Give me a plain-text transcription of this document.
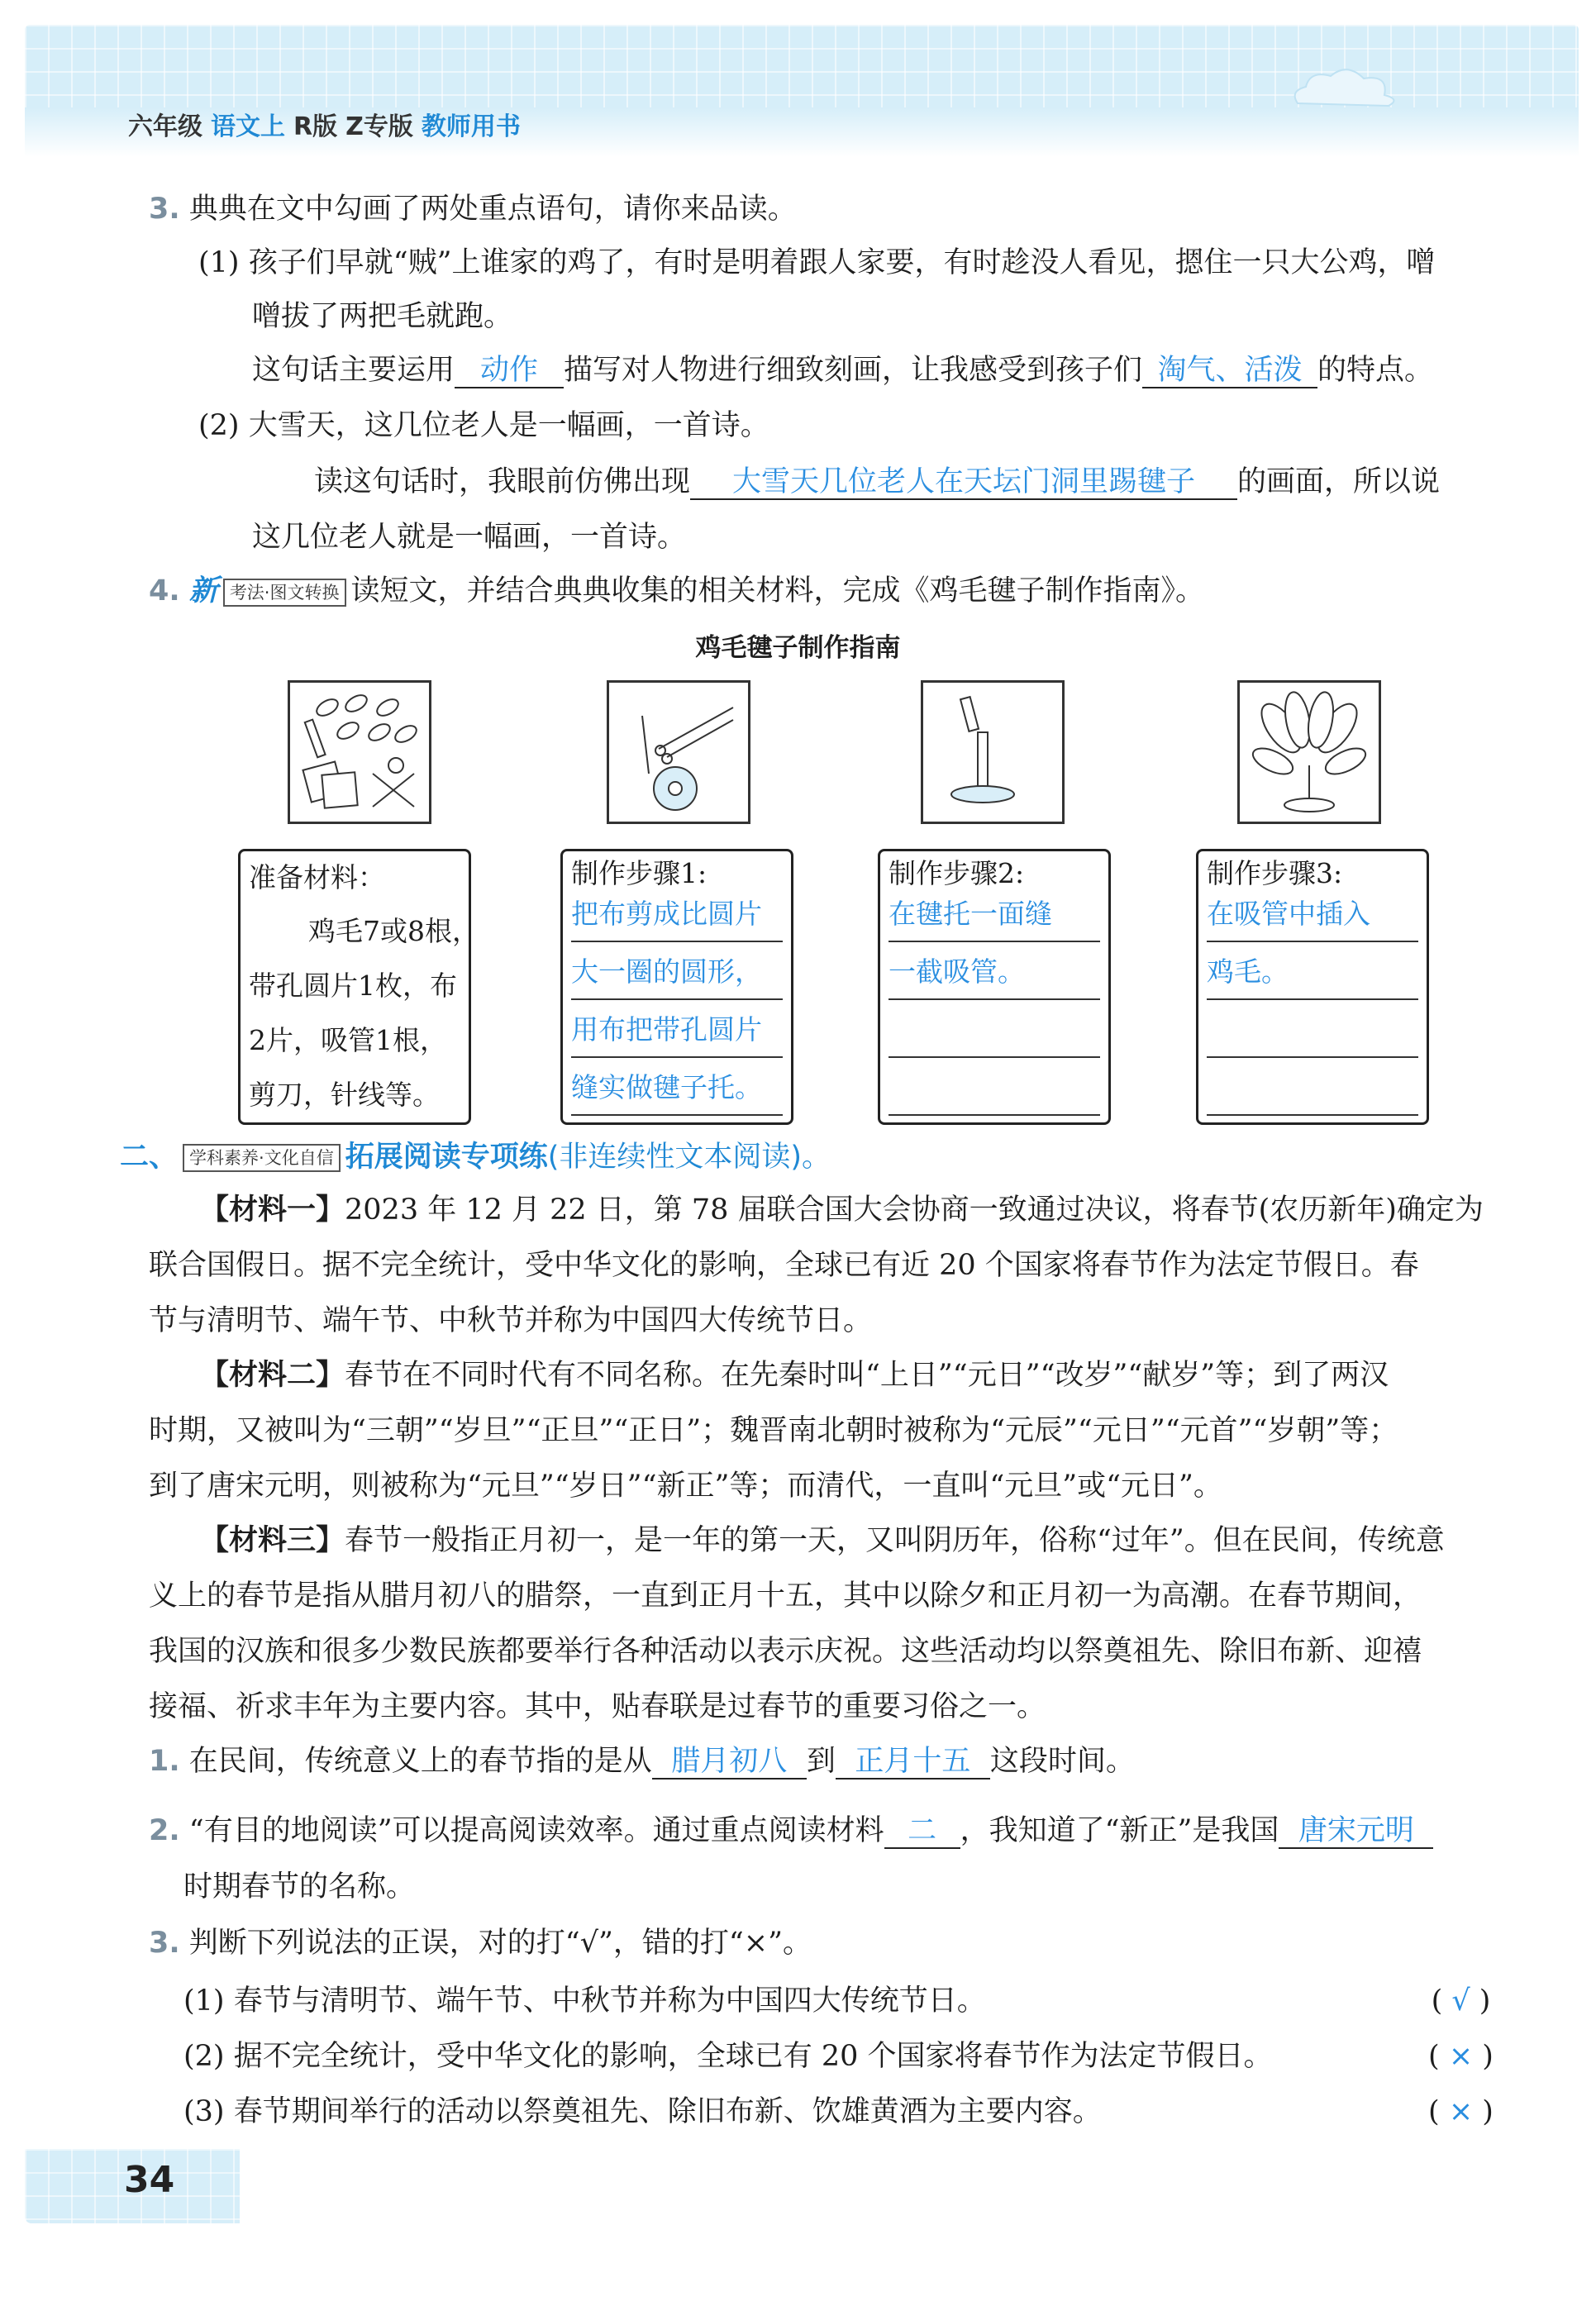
六年级 语文上 R版 Z专版 教师用书
3. 典典在文中勾画了两处重点语句，请你来品读。
(1) 孩子们早就“贼”上谁家的鸡了，有时是明着跟人家要，有时趁没人看见，摁住一只大公鸡，噌
噌拔了两把毛就跑。
这句话主要运用 动作 描写对人物进行细致刻画，让我感受到孩子们 淘气、活泼 的特点。
(2) 大雪天，这几位老人是一幅画，一首诗。
读这句话时，我眼前仿佛出现 大雪天几位老人在天坛门洞里踢毽子 的画面，所以说
这几位老人就是一幅画，一首诗。
4. 新 考法·图文转换 读短文，并结合典典收集的相关材料，完成《鸡毛毽子制作指南》。
鸡毛毽子制作指南
准备材料：
鸡毛7或8根，
带孔圆片1枚，布
2片，吸管1根，
剪刀，针线等。
制作步骤1:
把布剪成比圆片
大一圈的圆形，
用布把带孔圆片
缝实做毽子托。
制作步骤2:
在毽托一面缝
一截吸管。
制作步骤3:
在吸管中插入
鸡毛。
二、 学科素养·文化自信 拓展阅读专项练(非连续性文本阅读)。
【材料一】2023 年 12 月 22 日，第 78 届联合国大会协商一致通过决议，将春节(农历新年)确定为
联合国假日。据不完全统计，受中华文化的影响，全球已有近 20 个国家将春节作为法定节假日。春
节与清明节、端午节、中秋节并称为中国四大传统节日。
【材料二】春节在不同时代有不同名称。在先秦时叫“上日”“元日”“改岁”“献岁”等；到了两汉
时期，又被叫为“三朝”“岁旦”“正旦”“正日”；魏晋南北朝时被称为“元辰”“元日”“元首”“岁朝”等；
到了唐宋元明，则被称为“元旦”“岁日”“新正”等；而清代，一直叫“元旦”或“元日”。
【材料三】春节一般指正月初一，是一年的第一天，又叫阴历年，俗称“过年”。但在民间，传统意
义上的春节是指从腊月初八的腊祭，一直到正月十五，其中以除夕和正月初一为高潮。在春节期间，
我国的汉族和很多少数民族都要举行各种活动以表示庆祝。这些活动均以祭奠祖先、除旧布新、迎禧
接福、祈求丰年为主要内容。其中，贴春联是过春节的重要习俗之一。
1. 在民间，传统意义上的春节指的是从 腊月初八 到 正月十五 这段时间。
2. “有目的地阅读”可以提高阅读效率。通过重点阅读材料 二 ，我知道了“新正”是我国 唐宋元明
时期春节的名称。
3. 判断下列说法的正误，对的打“√”，错的打“×”。
(1) 春节与清明节、端午节、中秋节并称为中国四大传统节日。	( √ )
(2) 据不完全统计，受中华文化的影响，全球已有 20 个国家将春节作为法定节假日。	( × )
(3) 春节期间举行的活动以祭奠祖先、除旧布新、饮雄黄酒为主要内容。	( × )
34
